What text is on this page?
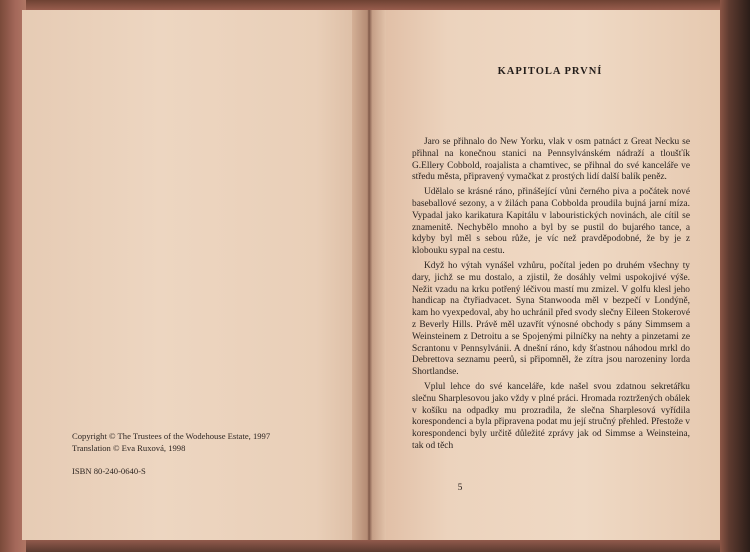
Copyright © The Trustees of the Wodehouse Estate, 1997
Translation © Eva Ruxová, 1998
ISBN 80-240-0640-S
KAPITOLA PRVNÍ

Jaro se přihnalo do New Yorku, vlak v osm patnáct z Great Necku se přihnal na konečnou stanici na Pennsylvánském nádraží a tloušťík G.Ellery Cobbold, roajalista a chamtivec, se přihnal do své kanceláře ve středu města, připravený vymačkat z prostých lidí další balík peněz.

Udělalo se krásné ráno, přinášející vůni černého piva a počátek nové baseballové sezony, a v žilách pana Cobbolda proudila bujná jarní míza. Vypadal jako karikatura Kapitálu v labouristických novinách, ale cítil se znamenitě. Nechybělo mnoho a byl by se pustil do bujarého tance, a kdyby byl měl s sebou růže, je víc než pravděpodobné, že by je z klobouku sypal na cestu.

Když ho výtah vynášel vzhůru, počítal jeden po druhém všechny ty dary, jichž se mu dostalo, a zjistil, že dosáhly velmi uspokojivé výše. Nežit vzadu na krku potřený léčivou mastí mu zmizel. V golfu klesl jeho handicap na čtyřiadvacet. Syna Stanwooda měl v bezpečí v Londýně, kam ho vyexpedoval, aby ho uchránil před svody slečny Eileen Stokerové z Beverly Hills. Právě měl uzavřít výnosné obchody s pány Simmsem a Weinsteinem z Detroitu a se Spojenými pilníčky na nehty a pinzetami ze Scrantonu v Pennsylvánii. A dnešní ráno, kdy šťastnou náhodou mrkl do Debrettova seznamu peerů, si připomněl, že zítra jsou narozeniny lorda Shortlandse.

Vplul lehce do své kanceláře, kde našel svou zdatnou sekretářku slečnu Sharplesovou jako vždy v plné práci. Hromada roztržených obálek v košíku na odpadky mu prozradila, že slečna Sharplesová vyřídila korespondenci a byla připravena podat mu její stručný přehled. Přestože v korespondenci byly určitě důležité zprávy jak od Simmse a Weinsteina, tak od těch

5
